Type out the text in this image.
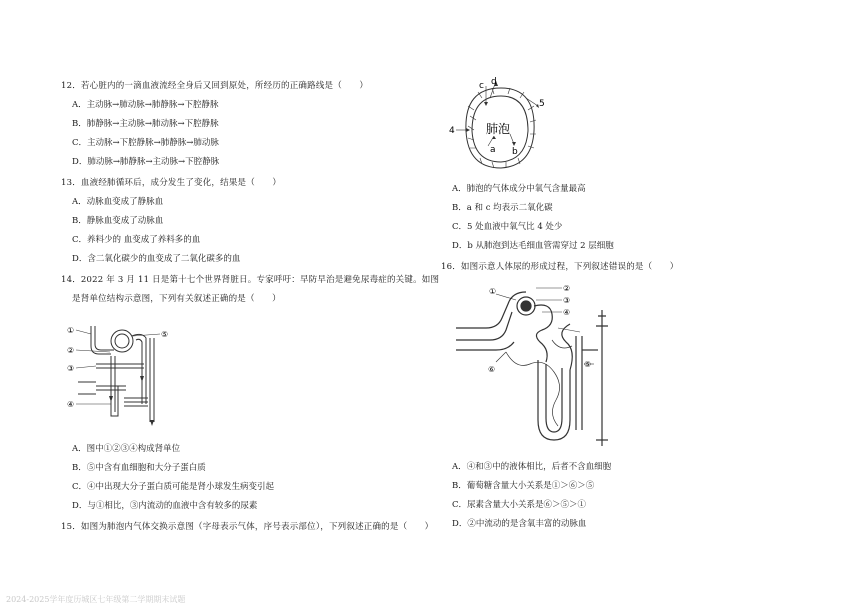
12．若心脏内的一滴血液流经全身后又回到原处，所经历的正确路线是（　　）
A．主动脉→肺动脉→肺静脉→下腔静脉
B．肺静脉→主动脉→肺动脉→下腔静脉
C．主动脉→下腔静脉→肺静脉→肺动脉
D．肺动脉→肺静脉→主动脉→下腔静脉
13．血液经肺循环后，成分发生了变化，结果是（　　）
A．动脉血变成了静脉血
B．静脉血变成了动脉血
C．养料少的 血变成了养料多的血
D．含二氧化碳少的血变成了二氧化碳多的血
14．2022 年 3 月 11 日是第十七个世界肾脏日。专家呼吁：早防早治是避免尿毒症的关键。如图
是肾单位结构示意图，下列有关叙述正确的是（　　）
①
②
③
④
⑤
A．图中①②③④构成肾单位
B．⑤中含有血细胞和大分子蛋白质
C．④中出现大分子蛋白质可能是肾小球发生病变引起
D．与①相比，③内流动的血液中含有较多的尿素
15．如图为肺泡内气体交换示意图（字母表示气体，序号表示部位），下列叙述正确的是（　　）
c d
5
4	肺泡
a b
A．肺泡的气体成分中氧气含量最高
B．a 和 c 均表示二氧化碳
C．5 处血液中氧气比 4 处少
D．b 从肺泡到达毛细血管需穿过 2 层细胞
16．如图示意人体尿的形成过程，下列叙述错误的是（　　）
①	②
③
④
⑤
⑥
A．④和③中的液体相比，后者不含血细胞
B．葡萄糖含量大小关系是①＞⑥＞⑤
C．尿素含量大小关系是⑥＞⑤＞①
D．②中流动的是含氧丰富的动脉血
2024-2025学年度历城区七年级第二学期期末试题
